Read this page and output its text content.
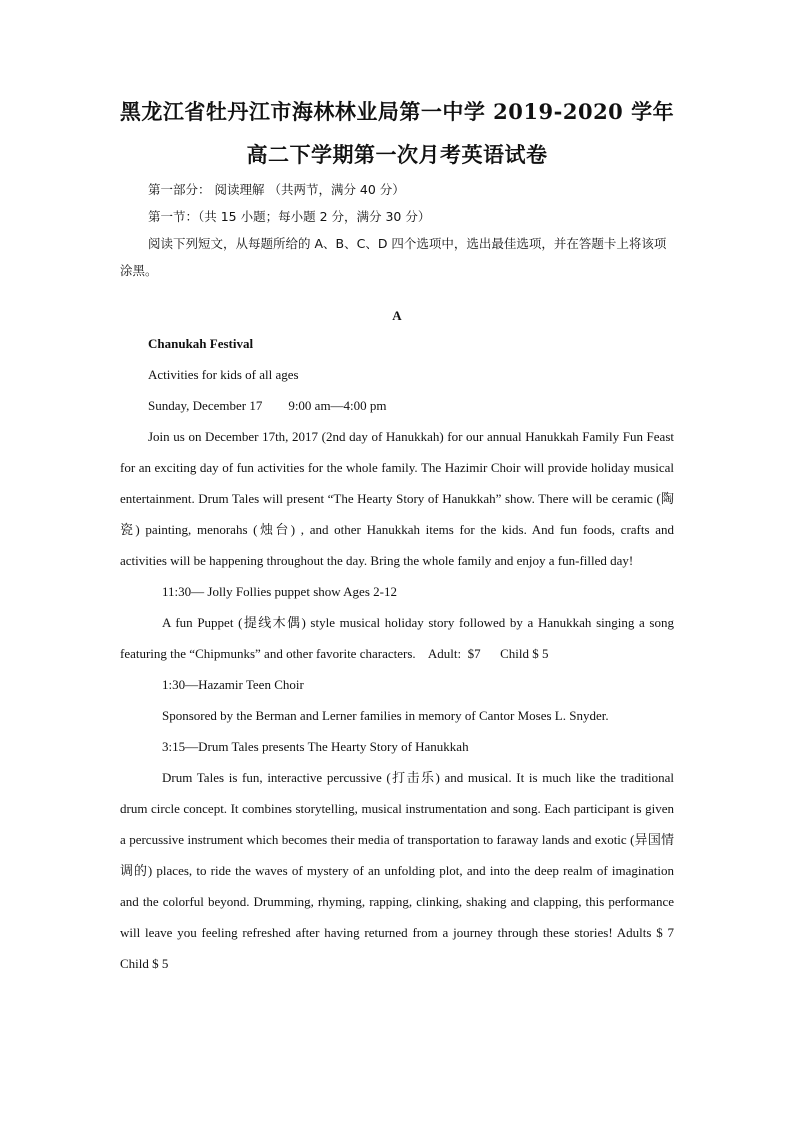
黑龙江省牡丹江市海林林业局第一中学 2019-2020 学年
高二下学期第一次月考英语试卷
第一部分： 阅读理解 （共两节，满分 40 分）
第一节：（共 15 小题；每小题 2 分，满分 30 分）
阅读下列短文，从每题所给的 A、B、C、D 四个选项中，选出最佳选项，并在答题卡上将该项涂黑。
A
Chanukah Festival
Activities for kids of all ages
Sunday, December 17        9:00 am—4:00 pm
Join us on December 17th, 2017 (2nd day of Hanukkah) for our annual Hanukkah Family Fun Feast for an exciting day of fun activities for the whole family. The Hazimir Choir will provide holiday musical entertainment. Drum Tales will present “The Hearty Story of Hanukkah” show. There will be ceramic (陶瓷) painting, menorahs (烛台) , and other Hanukkah items for the kids. And fun foods, crafts and activities will be happening throughout the day. Bring the whole family and enjoy a fun-filled day!
11:30— Jolly Follies puppet show Ages 2-12
A fun Puppet (提线木偶) style musical holiday story followed by a Hanukkah singing a song featuring the “Chipmunks” and other favorite characters.    Adult:  $7      Child $ 5
1:30—Hazamir Teen Choir
Sponsored by the Berman and Lerner families in memory of Cantor Moses L. Snyder.
3:15—Drum Tales presents The Hearty Story of Hanukkah
Drum Tales is fun, interactive percussive (打击乐) and musical. It is much like the traditional drum circle concept. It combines storytelling, musical instrumentation and song. Each participant is given a percussive instrument which becomes their media of transportation to faraway lands and exotic (异国情调的) places, to ride the waves of mystery of an unfolding plot, and into the deep realm of imagination and the colorful beyond. Drumming, rhyming, rapping, clinking, shaking and clapping, this performance will leave you feeling refreshed after having returned from a journey through these stories! Adults $ 7 Child $ 5
